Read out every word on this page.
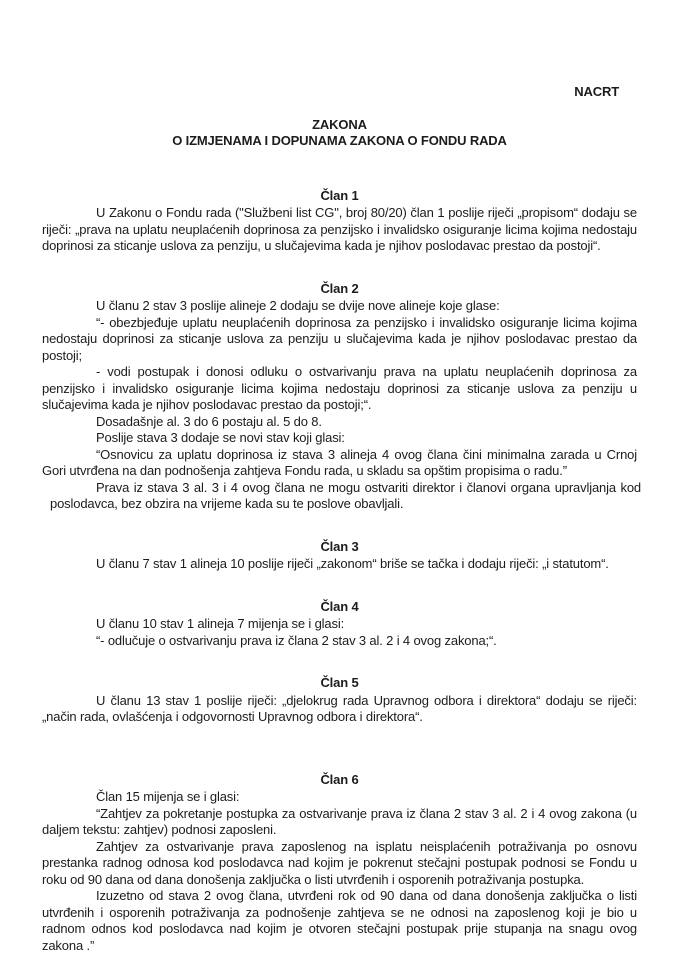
NACRT
ZAKONA
O IZMJENAMA I DOPUNAMA ZAKONA O FONDU RADA
Član 1

U Zakonu o Fondu rada ("Službeni list CG", broj 80/20) član 1 poslije riječi „propisom“ dodaju se riječi: „prava na uplatu neuplaćenih doprinosa za penzijsko i invalidsko osiguranje licima kojima nedostaju doprinosi za sticanje uslova za penziju, u slučajevima kada je njihov poslodavac prestao da postoji“.

Član 2

U članu 2 stav 3 poslije alineje 2 dodaju se dvije nove alineje koje glase:

“- obezbjeđuje uplatu neuplaćenih doprinosa za penzijsko i invalidsko osiguranje licima kojima nedostaju doprinosi za sticanje uslova za penziju u slučajevima kada je njihov poslodavac prestao da postoji;

- vodi postupak i donosi odluku o ostvarivanju prava na uplatu neuplaćenih doprinosa za penzijsko i invalidsko osiguranje licima kojima nedostaju doprinosi za sticanje uslova za penziju u slučajevima kada je njihov poslodavac prestao da postoji;“.

Dosadašnje al. 3 do 6 postaju al. 5 do 8.

Poslije stava 3 dodaje se novi stav koji glasi:

“Osnovicu za uplatu doprinosa iz stava 3 alineja 4 ovog člana čini minimalna zarada u Crnoj Gori utvrđena na dan podnošenja zahtjeva Fondu rada, u skladu sa opštim propisima o radu.”

Prava iz stava 3 al. 3 i 4 ovog člana ne mogu ostvariti direktor i članovi organa upravljanja kod poslodavca, bez obzira na vrijeme kada su te poslove obavljali.

Član 3

U članu 7 stav 1 alineja 10 poslije riječi „zakonom“ briše se tačka i dodaju riječi: „i statutom“.

Član 4

U članu 10 stav 1 alineja 7 mijenja se i glasi:

“- odlučuje o ostvarivanju prava iz člana 2 stav 3 al. 2 i 4 ovog zakona;“.

Član 5

U članu 13 stav 1 poslije riječi: „djelokrug rada Upravnog odbora i direktora“ dodaju se riječi: „način rada, ovlašćenja i odgovornosti Upravnog odbora i direktora“.

Član 6

Član 15 mijenja se i glasi:

“Zahtjev za pokretanje postupka za ostvarivanje prava iz člana 2 stav 3 al. 2 i 4 ovog zakona (u daljem tekstu: zahtjev) podnosi zaposleni.

Zahtjev za ostvarivanje prava zaposlenog na isplatu neisplaćenih potraživanja po osnovu prestanka radnog odnosa kod poslodavca nad kojim je pokrenut stečajni postupak podnosi se Fondu u roku od 90 dana od dana donošenja zaključka o listi utvrđenih i osporenih potraživanja postupka.

Izuzetno od stava 2 ovog člana, utvrđeni rok od 90 dana od dana donošenja zaključka o listi utvrđenih i osporenih potraživanja za podnošenje zahtjeva se ne odnosi na zaposlenog koji je bio u radnom odnos kod poslodavca nad kojim je otvoren stečajni postupak prije stupanja na snagu ovog zakona .”
